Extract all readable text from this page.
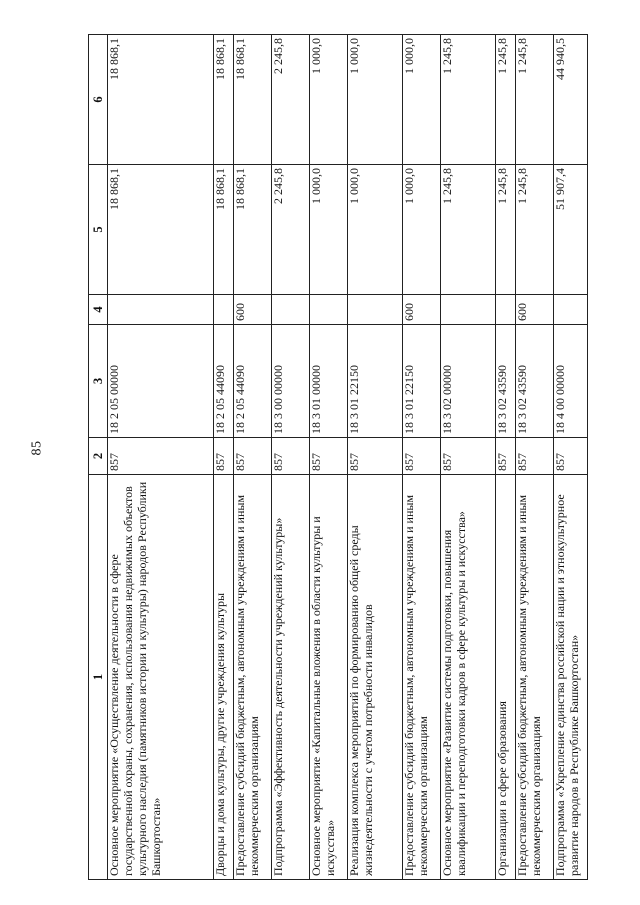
85
1	2	3	4	5	6
Основное мероприятие «Осуществление деятельности в сфере государственной охраны, сохранения, использования недвижимых объектов культурного наследия (памятников истории и культуры) народов Республики Башкортостан»	857	18 2 05 00000		18 868,1	18 868,1
Дворцы и дома культуры, другие учреждения культуры	857	18 2 05 44090		18 868,1	18 868,1
Предоставление субсидий бюджетным, автономным учреждениям и иным некоммерческим организациям	857	18 2 05 44090	600	18 868,1	18 868,1
Подпрограмма «Эффективность деятельности учреждений культуры»	857	18 3 00 00000		2 245,8	2 245,8
Основное мероприятие «Капитальные вложения в области культуры и искусства»	857	18 3 01 00000		1 000,0	1 000,0
Реализация комплекса мероприятий по формированию общей среды жизнедеятельности с учетом потребности инвалидов	857	18 3 01 22150		1 000,0	1 000,0
Предоставление субсидий бюджетным, автономным учреждениям и иным некоммерческим организациям	857	18 3 01 22150	600	1 000,0	1 000,0
Основное мероприятие «Развитие системы подготовки, повышения квалификации и переподготовки кадров в сфере культуры и искусства»	857	18 3 02 00000		1 245,8	1 245,8
Организации в сфере образования	857	18 3 02 43590		1 245,8	1 245,8
Предоставление субсидий бюджетным, автономным учреждениям и иным некоммерческим организациям	857	18 3 02 43590	600	1 245,8	1 245,8
Подпрограмма «Укрепление единства российской нации и этнокультурное развитие народов в Республике Башкортостан»	857	18 4 00 00000		51 907,4	44 940,5
